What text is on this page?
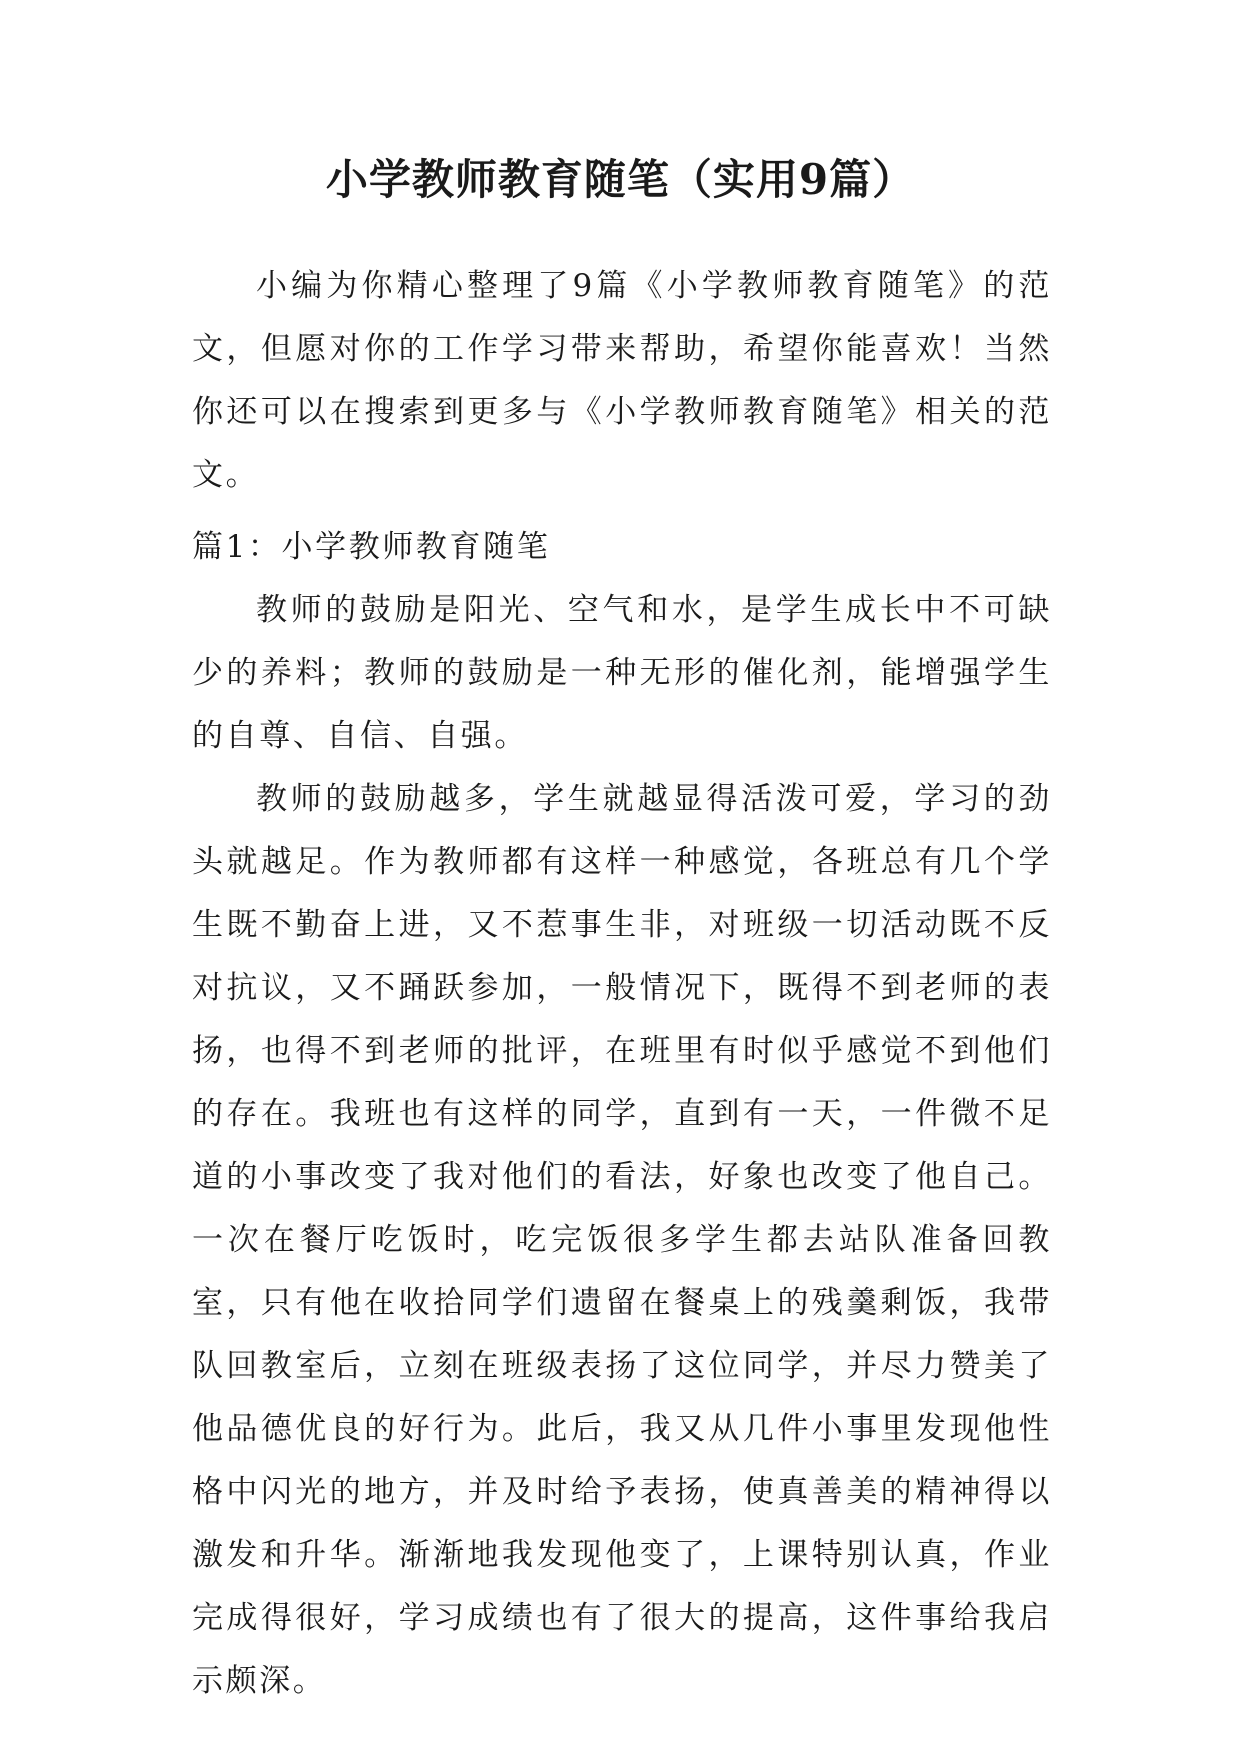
小学教师教育随笔（实用9篇）

小编为你精心整理了9篇《小学教师教育随笔》的范文，但愿对你的工作学习带来帮助，希望你能喜欢！当然你还可以在搜索到更多与《小学教师教育随笔》相关的范文。

篇1：小学教师教育随笔

教师的鼓励是阳光、空气和水，是学生成长中不可缺少的养料；教师的鼓励是一种无形的催化剂，能增强学生的自尊、自信、自强。

教师的鼓励越多，学生就越显得活泼可爱，学习的劲头就越足。作为教师都有这样一种感觉，各班总有几个学生既不勤奋上进，又不惹事生非，对班级一切活动既不反对抗议，又不踊跃参加，一般情况下，既得不到老师的表扬，也得不到老师的批评，在班里有时似乎感觉不到他们的存在。我班也有这样的同学，直到有一天，一件微不足道的小事改变了我对他们的看法，好象也改变了他自己。一次在餐厅吃饭时，吃完饭很多学生都去站队准备回教室，只有他在收拾同学们遗留在餐桌上的残羹剩饭，我带队回教室后，立刻在班级表扬了这位同学，并尽力赞美了他品德优良的好行为。此后，我又从几件小事里发现他性格中闪光的地方，并及时给予表扬，使真善美的精神得以激发和升华。渐渐地我发现他变了，上课特别认真，作业完成得很好，学习成绩也有了很大的提高，这件事给我启示颇深。
